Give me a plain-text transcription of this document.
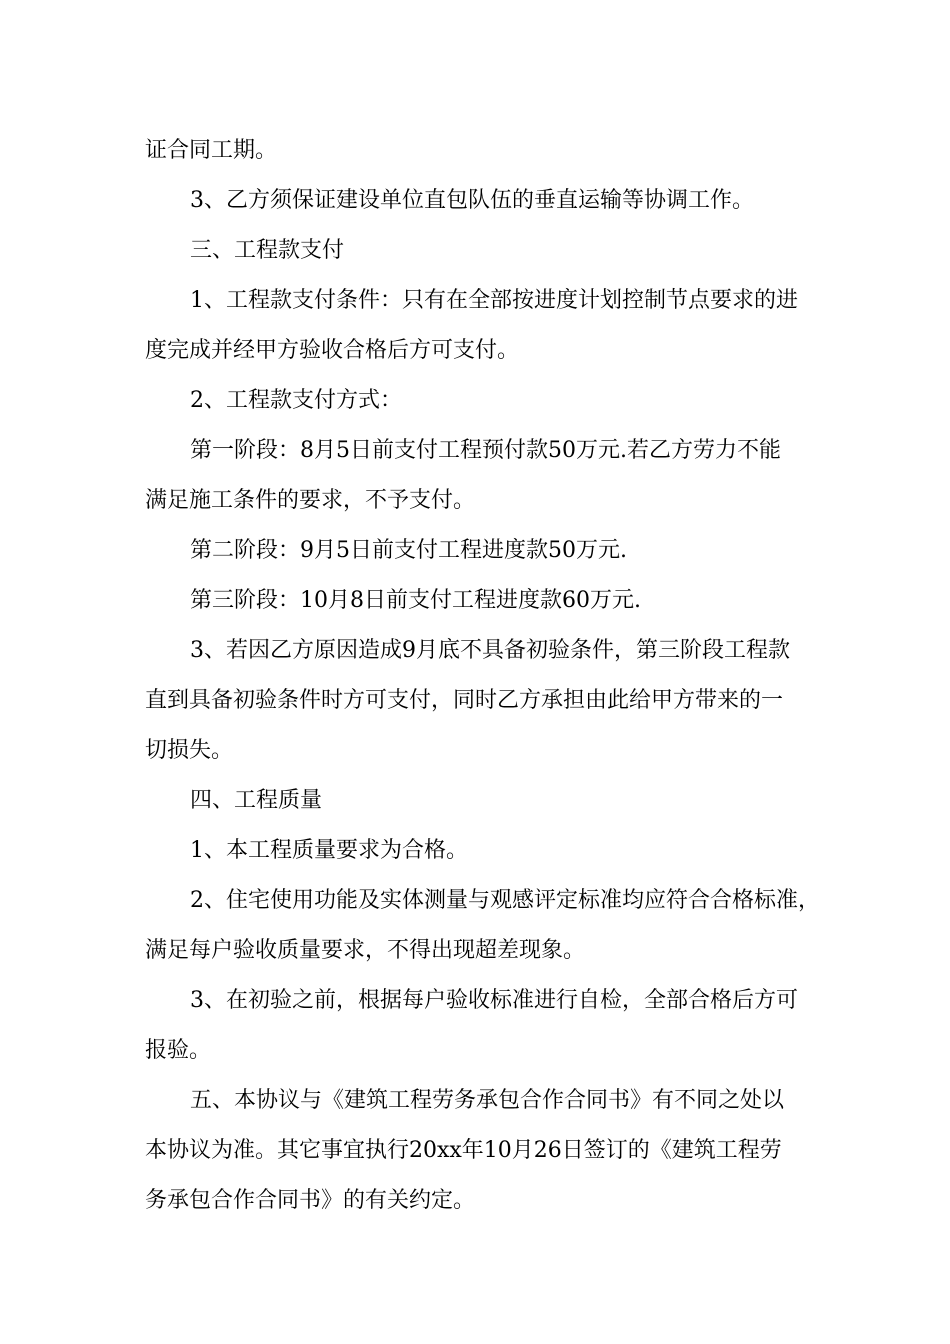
证合同工期。
3、乙方须保证建设单位直包队伍的垂直运输等协调工作。
三、工程款支付
1、工程款支付条件：只有在全部按进度计划控制节点要求的进
度完成并经甲方验收合格后方可支付。
2、工程款支付方式：
第一阶段：8月5日前支付工程预付款50万元.若乙方劳力不能
满足施工条件的要求，不予支付。
第二阶段：9月5日前支付工程进度款50万元.
第三阶段：10月8日前支付工程进度款60万元.
3、若因乙方原因造成9月底不具备初验条件，第三阶段工程款
直到具备初验条件时方可支付，同时乙方承担由此给甲方带来的一
切损失。
四、工程质量
1、本工程质量要求为合格。
2、住宅使用功能及实体测量与观感评定标准均应符合合格标准，
满足每户验收质量要求，不得出现超差现象。
3、在初验之前，根据每户验收标准进行自检，全部合格后方可
报验。
五、本协议与《建筑工程劳务承包合作合同书》有不同之处以
本协议为准。其它事宜执行20xx年10月26日签订的《建筑工程劳
务承包合作合同书》的有关约定。
